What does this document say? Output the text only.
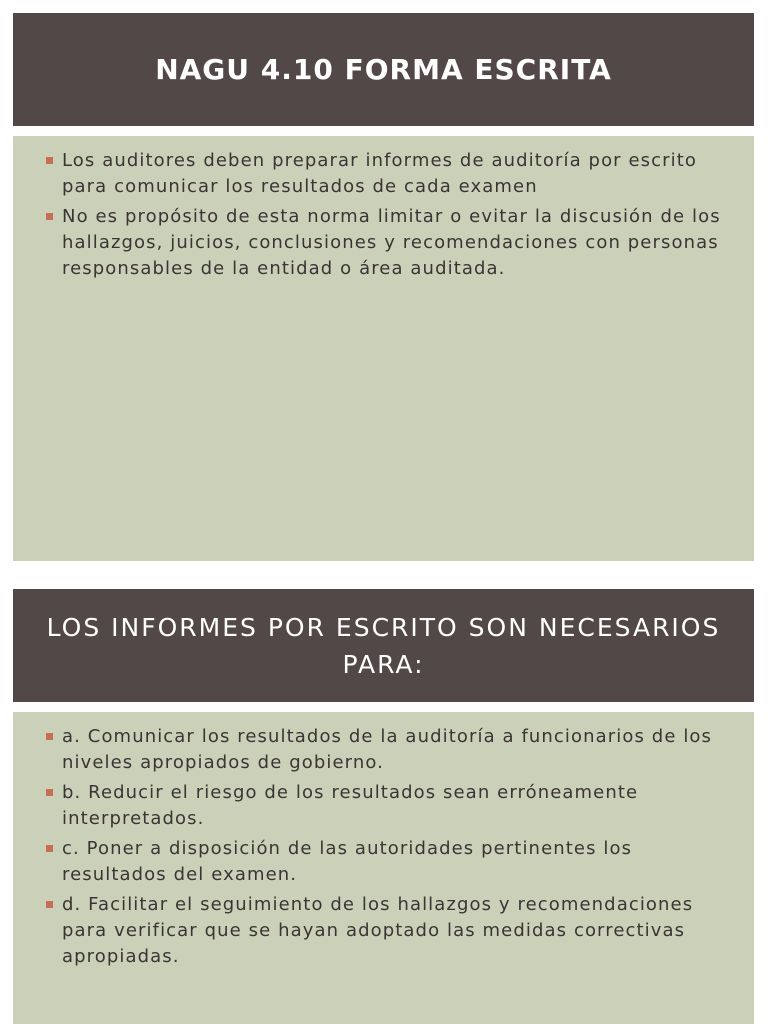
NAGU 4.10 FORMA ESCRITA
Los auditores deben preparar informes de auditoría por escrito para comunicar los resultados de cada examen
No es propósito de esta norma limitar o evitar la discusión de los hallazgos, juicios, conclusiones y recomendaciones con personas responsables de la entidad o área auditada.
LOS INFORMES POR ESCRITO SON NECESARIOS PARA:
a. Comunicar los resultados de la auditoría a funcionarios de los niveles apropiados de gobierno.
b. Reducir el riesgo de los resultados sean erróneamente interpretados.
c. Poner a disposición de las autoridades pertinentes los resultados del examen.
d. Facilitar el seguimiento de los hallazgos y recomendaciones para verificar que se hayan adoptado las medidas correctivas apropiadas.
